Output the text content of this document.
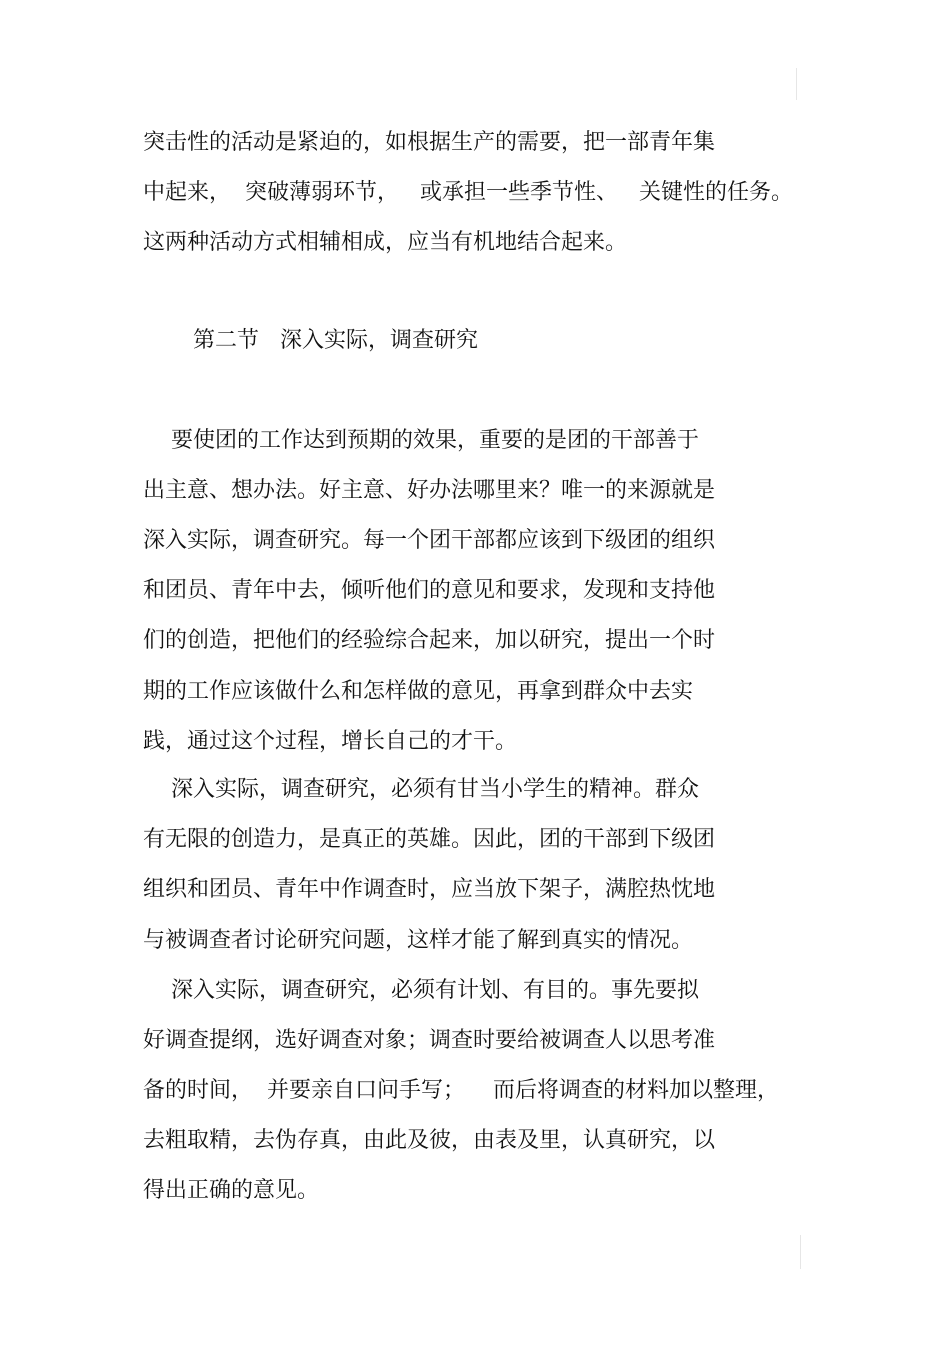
突击性的活动是紧迫的，如根据生产的需要，把一部青年集
中起来，  突破薄弱环节，   或承担一些季节性、   关键性的任务。
这两种活动方式相辅相成，应当有机地结合起来。
第二节   深入实际，调查研究
要使团的工作达到预期的效果，重要的是团的干部善于
出主意、想办法。好主意、好办法哪里来？唯一的来源就是
深入实际，调查研究。每一个团干部都应该到下级团的组织
和团员、青年中去，倾听他们的意见和要求，发现和支持他
们的创造，把他们的经验综合起来，加以研究，提出一个时
期的工作应该做什么和怎样做的意见，再拿到群众中去实
践，通过这个过程，增长自己的才干。
深入实际，调查研究，必须有甘当小学生的精神。群众
有无限的创造力，是真正的英雄。因此，团的干部到下级团
组织和团员、青年中作调查时，应当放下架子，满腔热忱地
与被调查者讨论研究问题，这样才能了解到真实的情况。
深入实际，调查研究，必须有计划、有目的。事先要拟
好调查提纲，选好调查对象；调查时要给被调查人以思考准
备的时间，  并要亲自口问手写；    而后将调查的材料加以整理，
去粗取精，去伪存真，由此及彼，由表及里，认真研究，以
得出正确的意见。
